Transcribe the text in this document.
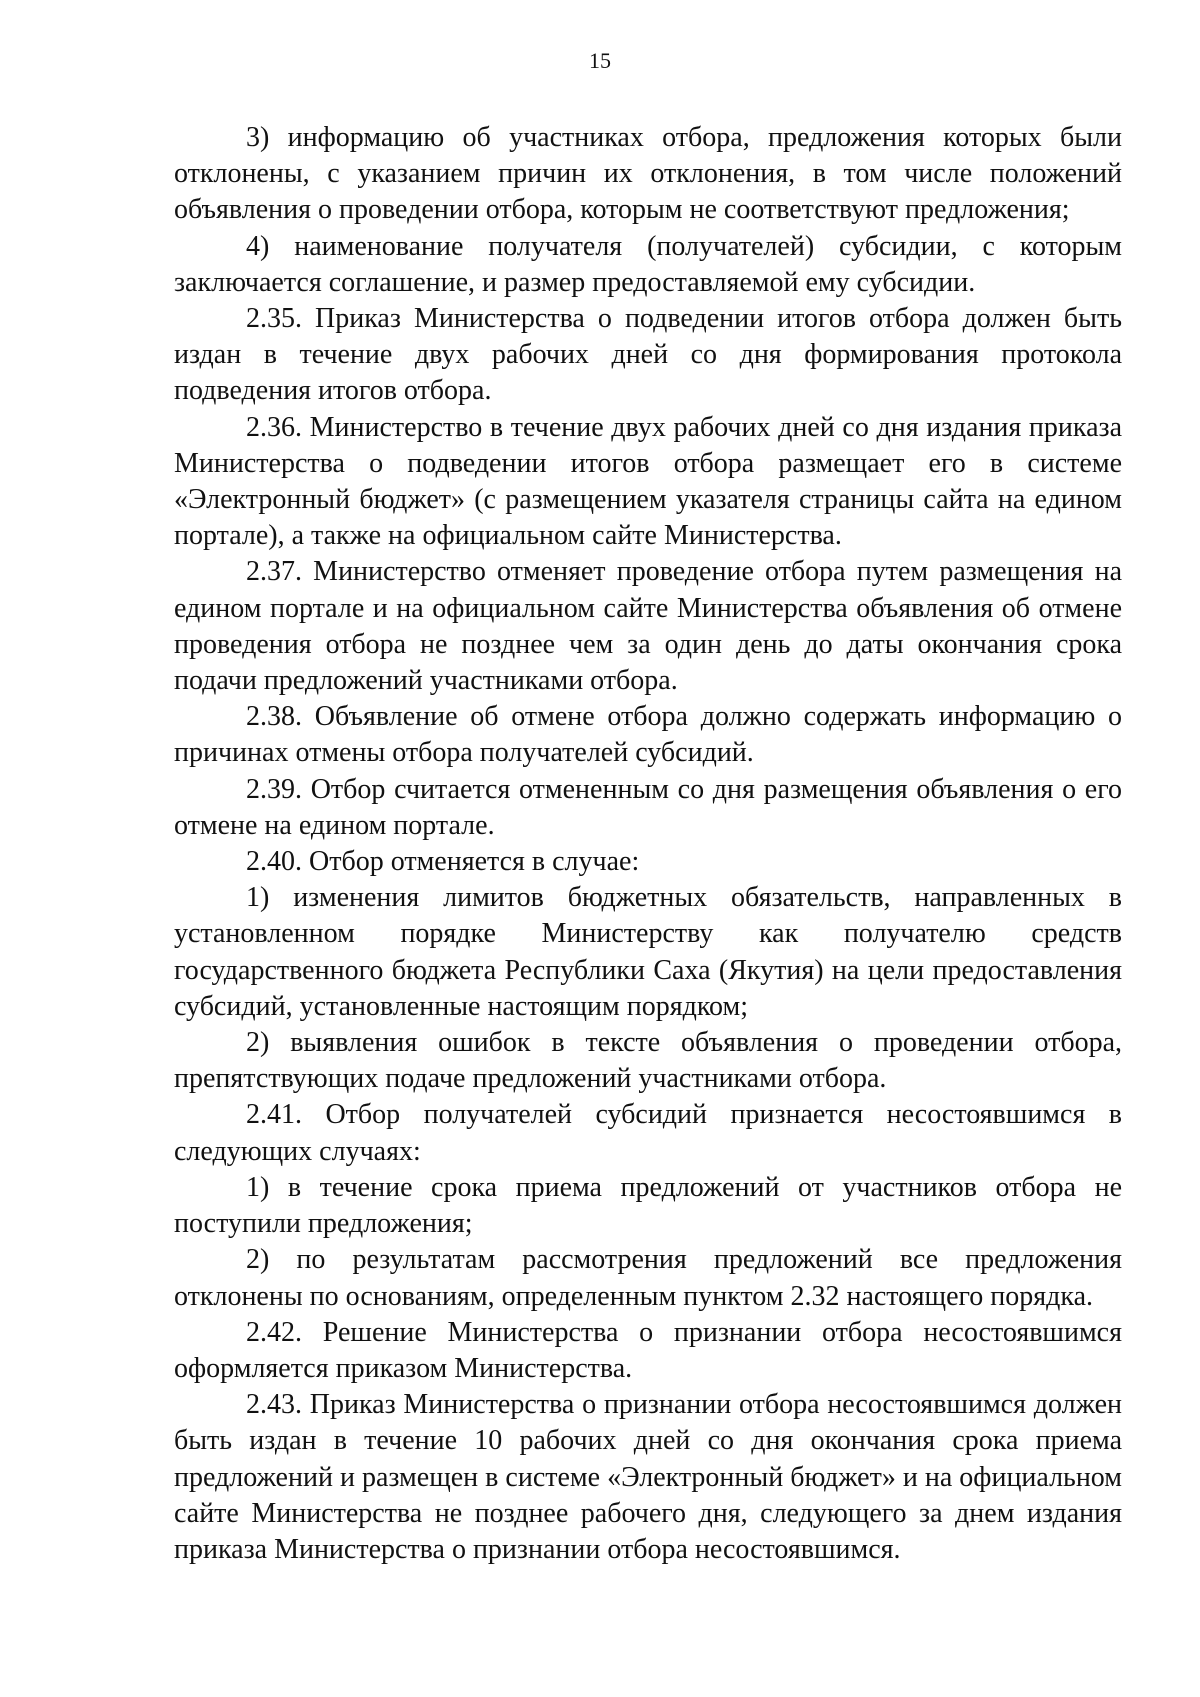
15

3) информацию об участниках отбора, предложения которых были отклонены, с указанием причин их отклонения, в том числе положений объявления о проведении отбора, которым не соответствуют предложения;

4) наименование получателя (получателей) субсидии, с которым заключается соглашение, и размер предоставляемой ему субсидии.

2.35. Приказ Министерства о подведении итогов отбора должен быть издан в течение двух рабочих дней со дня формирования протокола подведения итогов отбора.

2.36. Министерство в течение двух рабочих дней со дня издания приказа Министерства о подведении итогов отбора размещает его в системе «Электронный бюджет» (с размещением указателя страницы сайта на едином портале), а также на официальном сайте Министерства.

2.37. Министерство отменяет проведение отбора путем размещения на едином портале и на официальном сайте Министерства объявления об отмене проведения отбора не позднее чем за один день до даты окончания срока подачи предложений участниками отбора.

2.38. Объявление об отмене отбора должно содержать информацию о причинах отмены отбора получателей субсидий.

2.39. Отбор считается отмененным со дня размещения объявления о его отмене на едином портале.

2.40. Отбор отменяется в случае:

1) изменения лимитов бюджетных обязательств, направленных в установленном порядке Министерству как получателю средств государственного бюджета Республики Саха (Якутия) на цели предоставления субсидий, установленные настоящим порядком;

2) выявления ошибок в тексте объявления о проведении отбора, препятствующих подаче предложений участниками отбора.

2.41. Отбор получателей субсидий признается несостоявшимся в следующих случаях:

1) в течение срока приема предложений от участников отбора не поступили предложения;

2) по результатам рассмотрения предложений все предложения отклонены по основаниям, определенным пунктом 2.32 настоящего порядка.

2.42. Решение Министерства о признании отбора несостоявшимся оформляется приказом Министерства.

2.43. Приказ Министерства о признании отбора несостоявшимся должен быть издан в течение 10 рабочих дней со дня окончания срока приема предложений и размещен в системе «Электронный бюджет» и на официальном сайте Министерства не позднее рабочего дня, следующего за днем издания приказа Министерства о признании отбора несостоявшимся.
